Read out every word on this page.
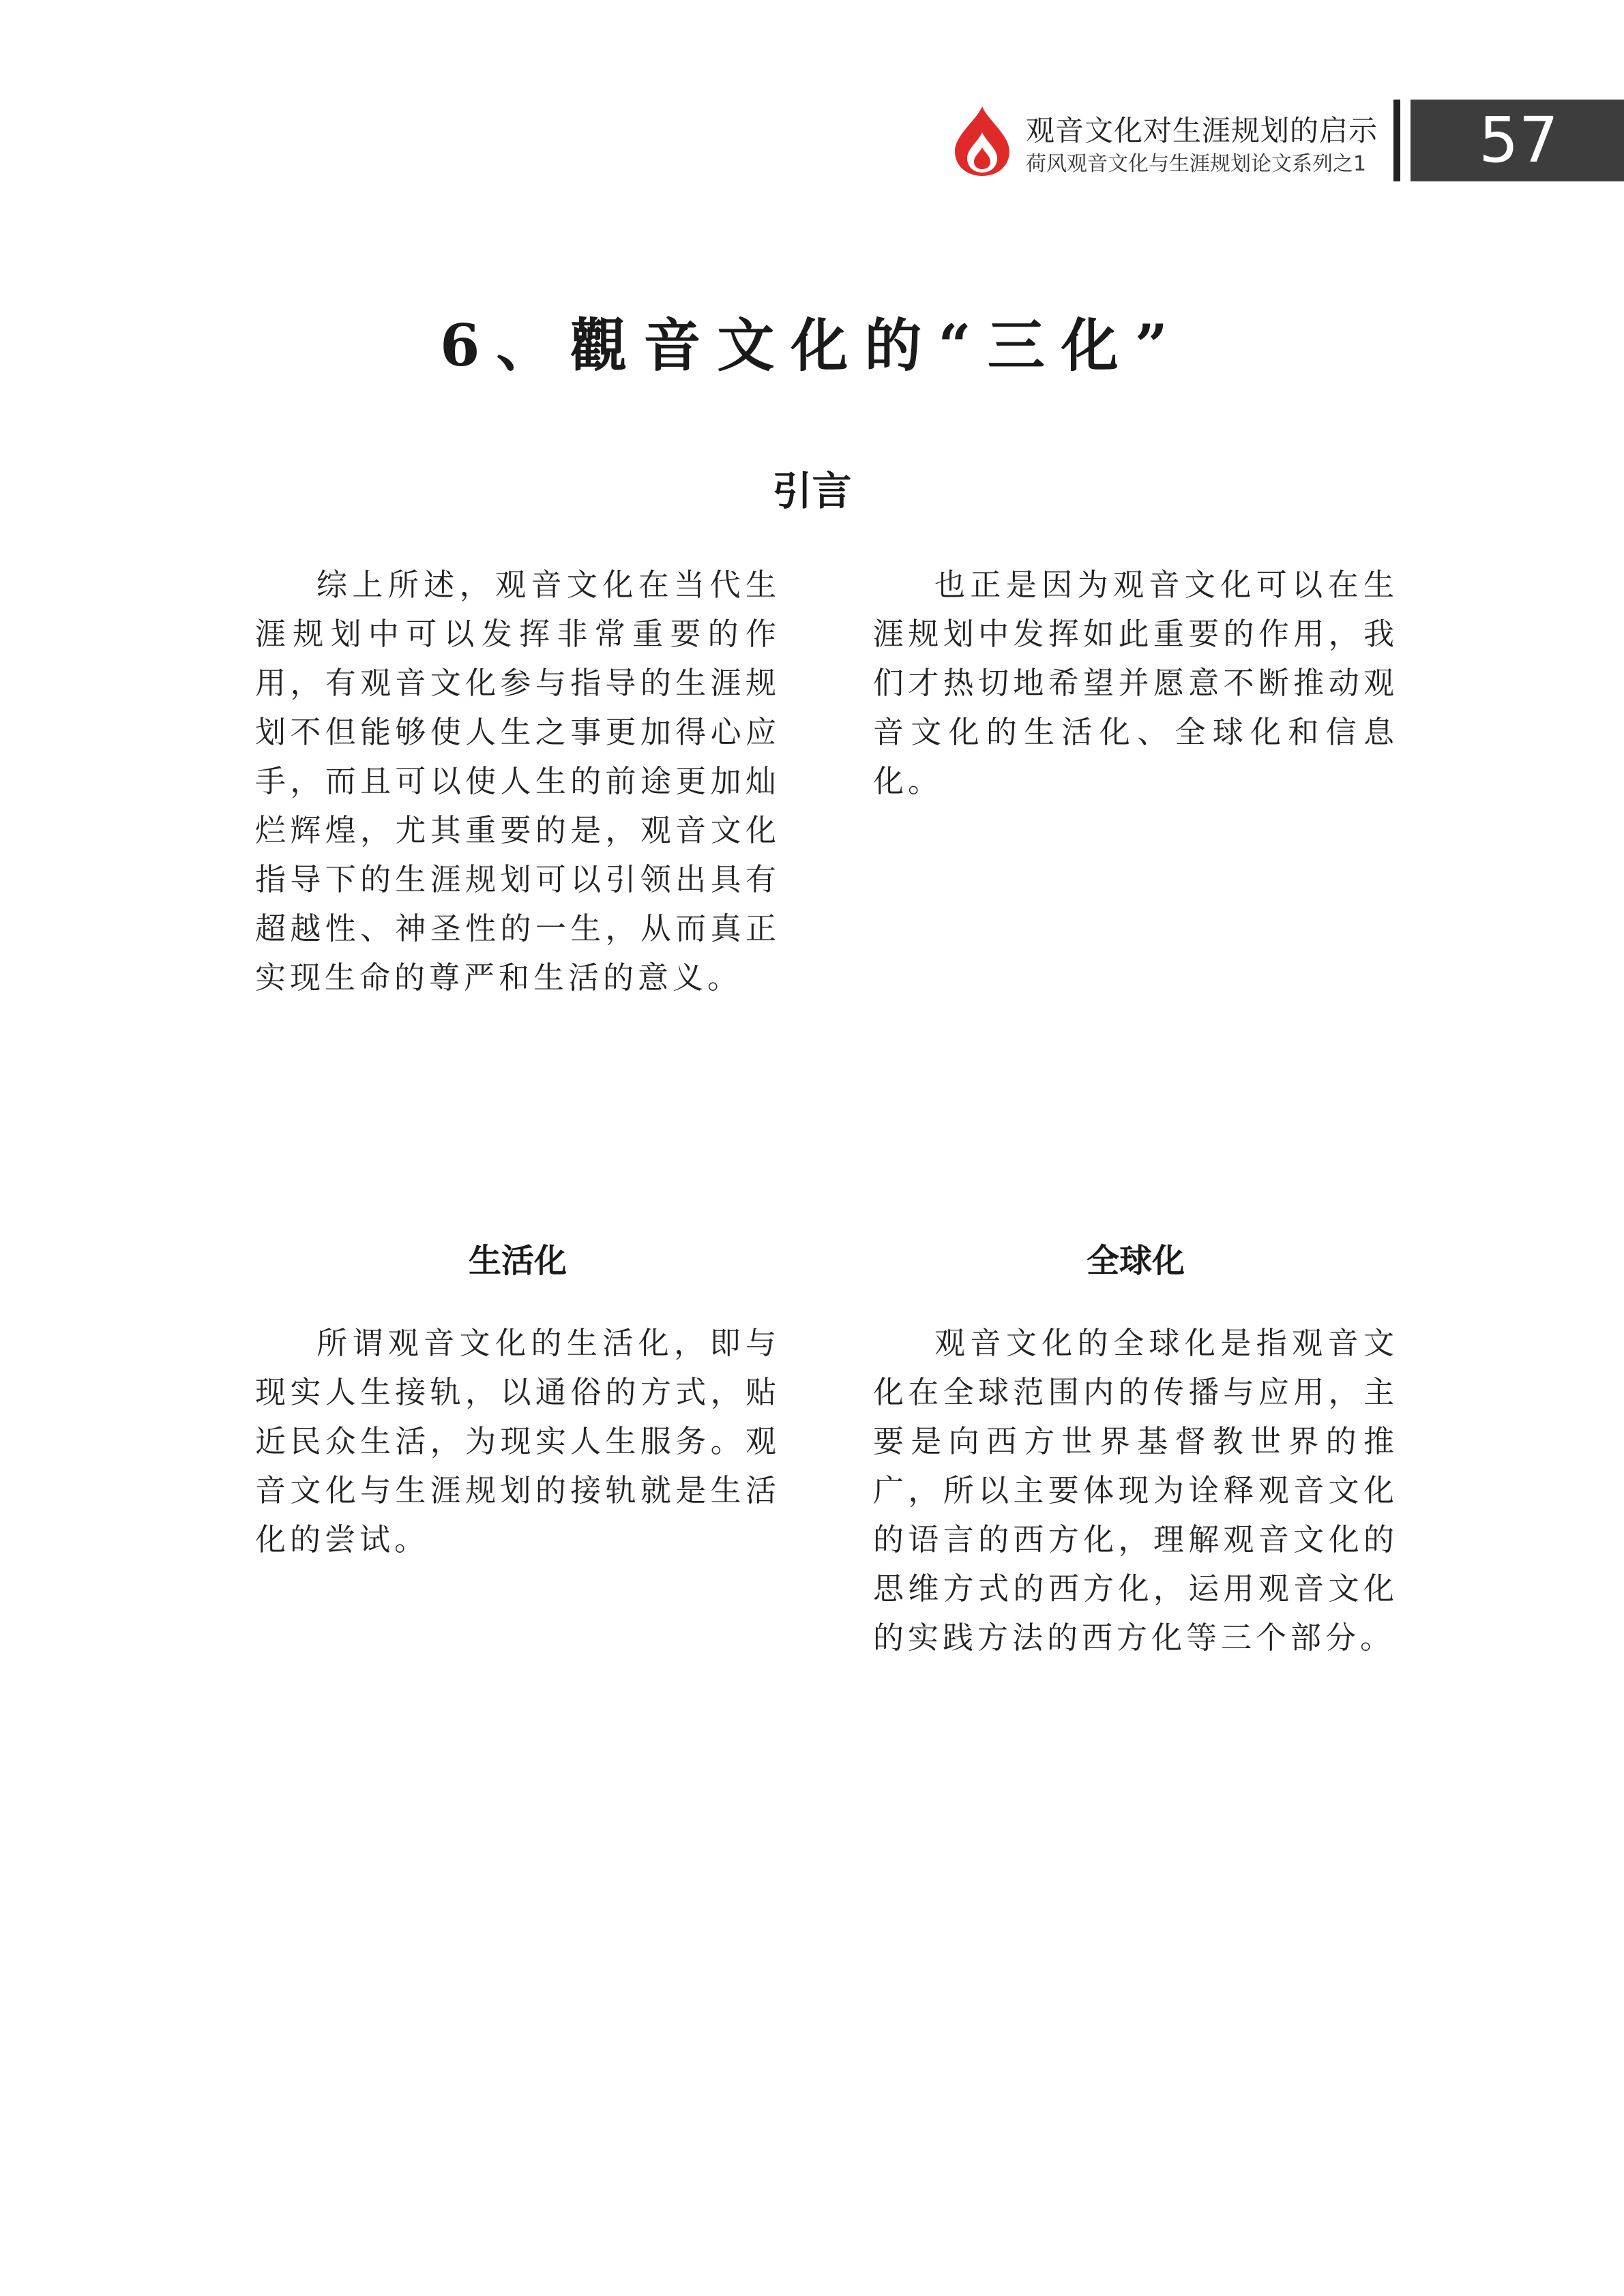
观音文化对生涯规划的启示
荷风观音文化与生涯规划论文系列之1	57
6、觀音文化的“三化”
引言

综上所述，观音文化在当代生涯规划中可以发挥非常重要的作用，有观音文化参与指导的生涯规划不但能够使人生之事更加得心应手，而且可以使人生的前途更加灿烂辉煌，尤其重要的是，观音文化指导下的生涯规划可以引领出具有超越性、神圣性的一生，从而真正实现生命的尊严和生活的意义。

也正是因为观音文化可以在生涯规划中发挥如此重要的作用，我们才热切地希望并愿意不断推动观音文化的生活化、全球化和信息化。

生活化	全球化

所谓观音文化的生活化，即与现实人生接轨，以通俗的方式，贴近民众生活，为现实人生服务。观音文化与生涯规划的接轨就是生活化的尝试。

观音文化的全球化是指观音文化在全球范围内的传播与应用，主要是向西方世界基督教世界的推广，所以主要体现为诠释观音文化的语言的西方化，理解观音文化的思维方式的西方化，运用观音文化的实践方法的西方化等三个部分。
